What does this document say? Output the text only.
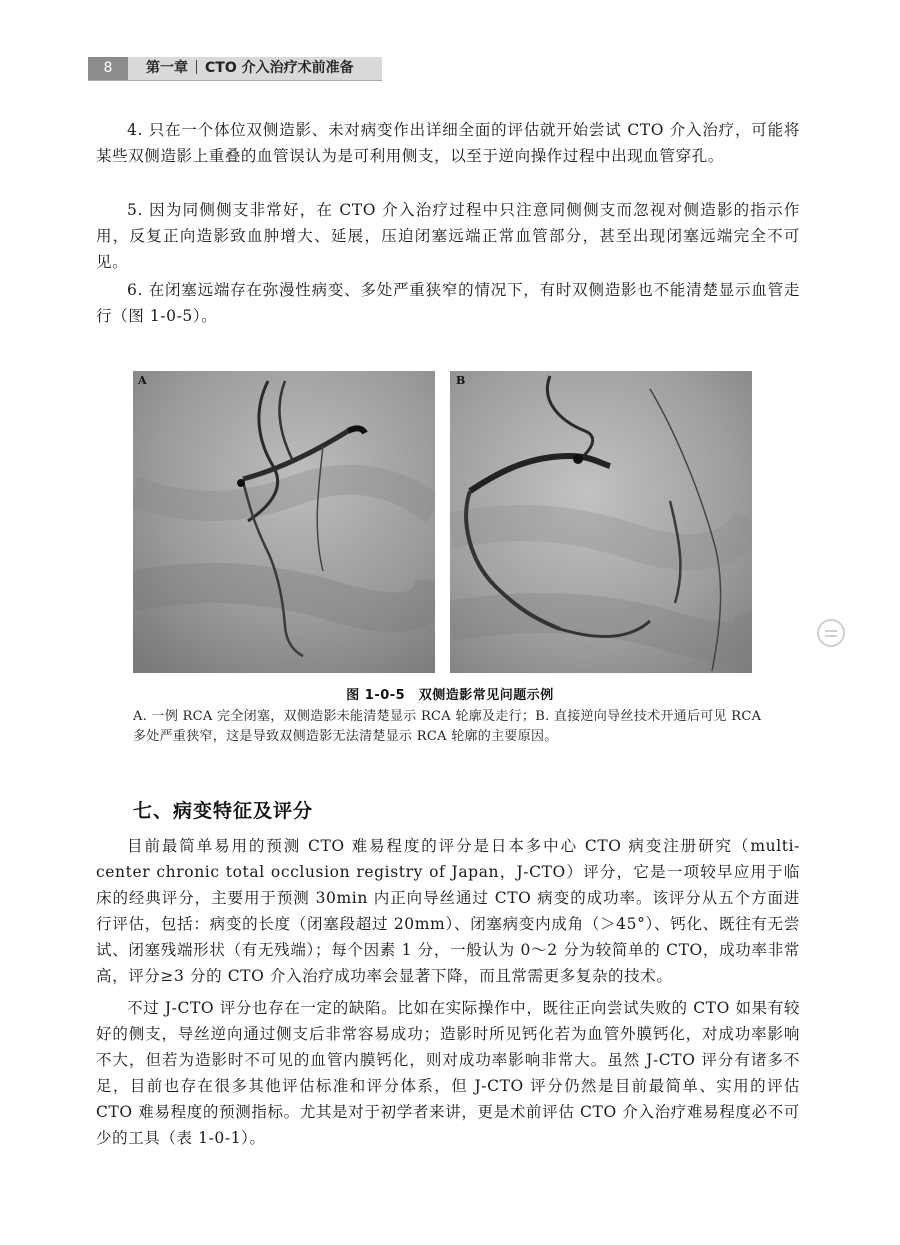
8	第一章 CTO 介入治疗术前准备

4. 只在一个体位双侧造影、未对病变作出详细全面的评估就开始尝试 CTO 介入治疗，可能将某些双侧造影上重叠的血管误认为是可利用侧支，以至于逆向操作过程中出现血管穿孔。

5. 因为同侧侧支非常好，在 CTO 介入治疗过程中只注意同侧侧支而忽视对侧造影的指示作用，反复正向造影致血肿增大、延展，压迫闭塞远端正常血管部分，甚至出现闭塞远端完全不可见。

6. 在闭塞远端存在弥漫性病变、多处严重狭窄的情况下，有时双侧造影也不能清楚显示血管走行（图 1-0-5）。

A	B
图 1-0-5　双侧造影常见问题示例

A. 一例 RCA 完全闭塞，双侧造影未能清楚显示 RCA 轮廓及走行；B. 直接逆向导丝技术开通后可见 RCA 多处严重狭窄，这是导致双侧造影无法清楚显示 RCA 轮廓的主要原因。

七、病变特征及评分

目前最简单易用的预测 CTO 难易程度的评分是日本多中心 CTO 病变注册研究（multi-center chronic total occlusion registry of Japan，J-CTO）评分，它是一项较早应用于临床的经典评分，主要用于预测 30min 内正向导丝通过 CTO 病变的成功率。该评分从五个方面进行评估，包括：病变的长度（闭塞段超过 20mm）、闭塞病变内成角（＞45°）、钙化、既往有无尝试、闭塞残端形状（有无残端）；每个因素 1 分，一般认为 0～2 分为较简单的 CTO，成功率非常高，评分≥3 分的 CTO 介入治疗成功率会显著下降，而且常需更多复杂的技术。

不过 J-CTO 评分也存在一定的缺陷。比如在实际操作中，既往正向尝试失败的 CTO 如果有较好的侧支，导丝逆向通过侧支后非常容易成功；造影时所见钙化若为血管外膜钙化，对成功率影响不大，但若为造影时不可见的血管内膜钙化，则对成功率影响非常大。虽然 J-CTO 评分有诸多不足，目前也存在很多其他评估标准和评分体系，但 J-CTO 评分仍然是目前最简单、实用的评估 CTO 难易程度的预测指标。尤其是对于初学者来讲，更是术前评估 CTO 介入治疗难易程度必不可少的工具（表 1-0-1）。
